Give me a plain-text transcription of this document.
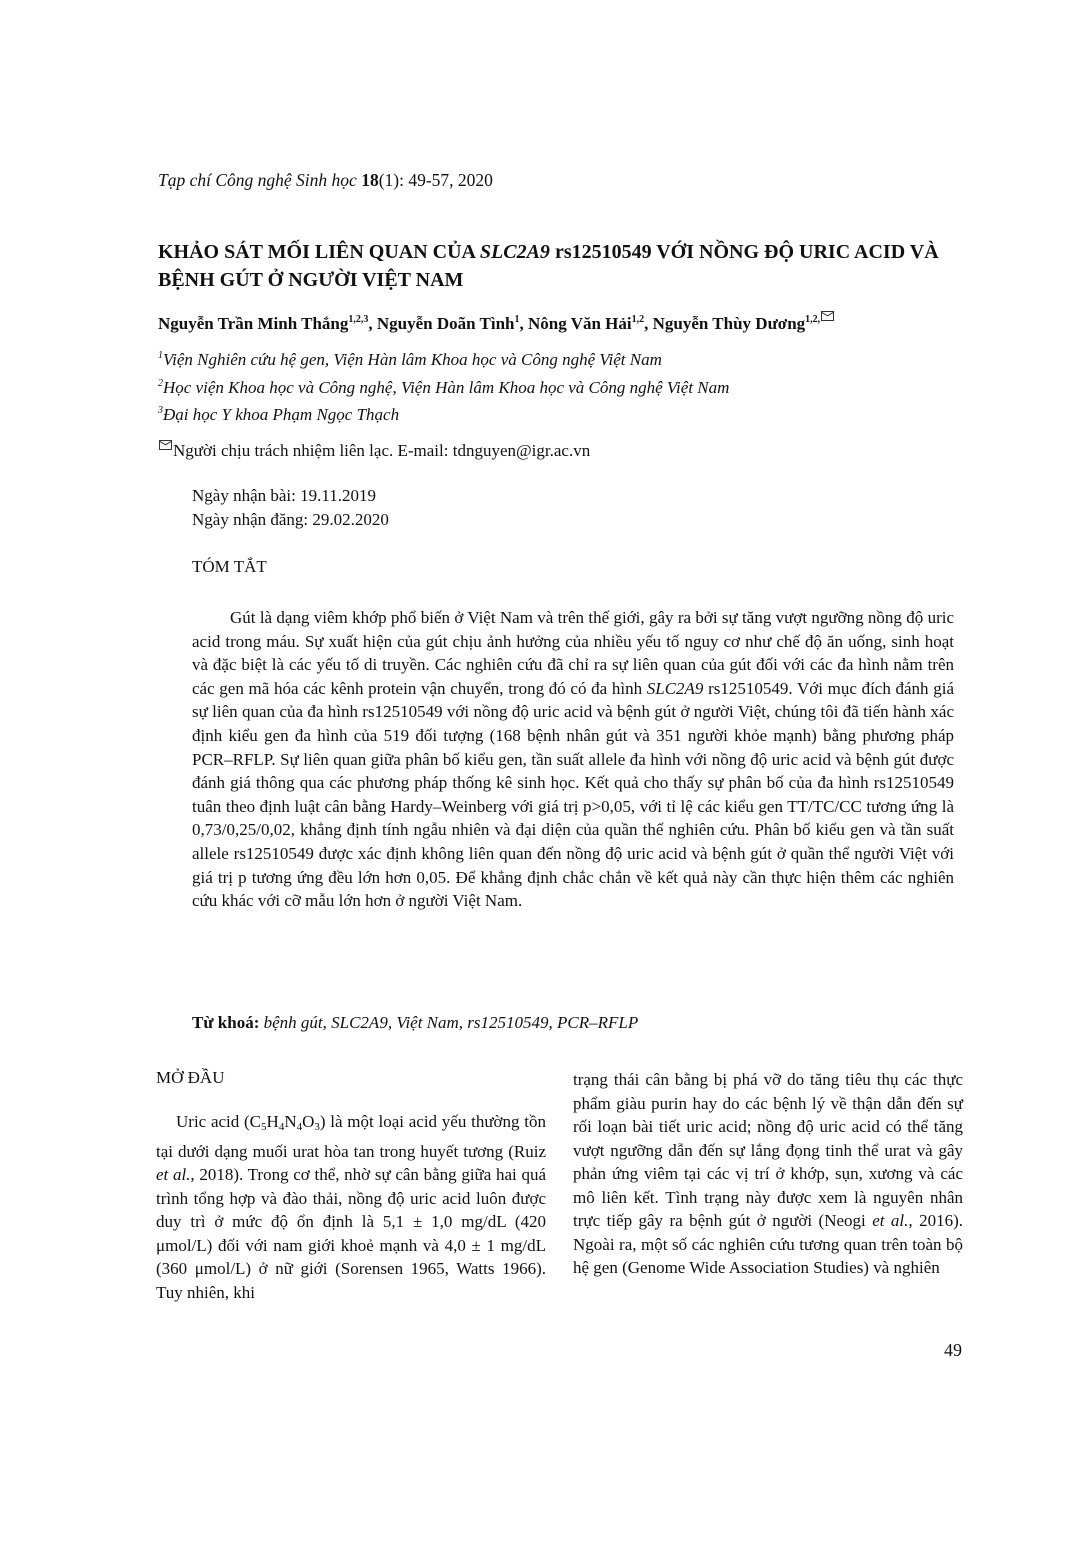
Tạp chí Công nghệ Sinh học 18(1): 49-57, 2020
KHẢO SÁT MỐI LIÊN QUAN CỦA SLC2A9 rs12510549 VỚI NỒNG ĐỘ URIC ACID VÀ BỆNH GÚT Ở NGƯỜI VIỆT NAM
Nguyễn Trần Minh Thắng$^{1,2,3}$, Nguyễn Doãn Tình$^1$, Nông Văn Hải$^{1,2}$, Nguyễn Thùy Dương$^{1,2,}$
$^1$Viện Nghiên cứu hệ gen, Viện Hàn lâm Khoa học và Công nghệ Việt Nam
$^2$Học viện Khoa học và Công nghệ, Viện Hàn lâm Khoa học và Công nghệ Việt Nam
$^3$Đại học Y khoa Phạm Ngọc Thạch
Người chịu trách nhiệm liên lạc. E-mail: tdnguyen@igr.ac.vn
Ngày nhận bài: 19.11.2019
Ngày nhận đăng: 29.02.2020
TÓM TẮT

Gút là dạng viêm khớp phổ biến ở Việt Nam và trên thế giới, gây ra bởi sự tăng vượt ngưỡng nồng độ uric acid trong máu. Sự xuất hiện của gút chịu ảnh hưởng của nhiều yếu tố nguy cơ như chế độ ăn uống, sinh hoạt và đặc biệt là các yếu tố di truyền. Các nghiên cứu đã chỉ ra sự liên quan của gút đối với các đa hình nằm trên các gen mã hóa các kênh protein vận chuyển, trong đó có đa hình SLC2A9 rs12510549. Với mục đích đánh giá sự liên quan của đa hình rs12510549 với nồng độ uric acid và bệnh gút ở người Việt, chúng tôi đã tiến hành xác định kiểu gen đa hình của 519 đối tượng (168 bệnh nhân gút và 351 người khỏe mạnh) bằng phương pháp PCR–RFLP. Sự liên quan giữa phân bố kiểu gen, tần suất allele đa hình với nồng độ uric acid và bệnh gút được đánh giá thông qua các phương pháp thống kê sinh học. Kết quả cho thấy sự phân bố của đa hình rs12510549 tuân theo định luật cân bằng Hardy–Weinberg với giá trị p>0,05, với tỉ lệ các kiểu gen TT/TC/CC tương ứng là 0,73/0,25/0,02, khẳng định tính ngẫu nhiên và đại diện của quần thể nghiên cứu. Phân bố kiểu gen và tần suất allele rs12510549 được xác định không liên quan đến nồng độ uric acid và bệnh gút ở quần thể người Việt với giá trị p tương ứng đều lớn hơn 0,05. Để khẳng định chắc chắn về kết quả này cần thực hiện thêm các nghiên cứu khác với cỡ mẫu lớn hơn ở người Việt Nam.

Từ khoá: bệnh gút, SLC2A9, Việt Nam, rs12510549, PCR–RFLP
MỞ ĐẦU

Uric acid $(C_5H_4N_4O_3)$ là một loại acid yếu thường tồn tại dưới dạng muối urat hòa tan trong huyết tương (Ruiz et al., 2018). Trong cơ thể, nhờ sự cân bằng giữa hai quá trình tổng hợp và đào thải, nồng độ uric acid luôn được duy trì ở mức độ ổn định là 5,1 ± 1,0 mg/dL (420 μmol/L) đối với nam giới khoẻ mạnh và 4,0 ± 1 mg/dL (360 μmol/L) ở nữ giới (Sorensen 1965, Watts 1966). Tuy nhiên, khi

trạng thái cân bằng bị phá vỡ do tăng tiêu thụ các thực phẩm giàu purin hay do các bệnh lý về thận dẫn đến sự rối loạn bài tiết uric acid; nồng độ uric acid có thể tăng vượt ngưỡng dẫn đến sự lắng đọng tinh thể urat và gây phản ứng viêm tại các vị trí ở khớp, sụn, xương và các mô liên kết. Tình trạng này được xem là nguyên nhân trực tiếp gây ra bệnh gút ở người (Neogi et al., 2016). Ngoài ra, một số các nghiên cứu tương quan trên toàn bộ hệ gen (Genome Wide Association Studies) và nghiên

49
